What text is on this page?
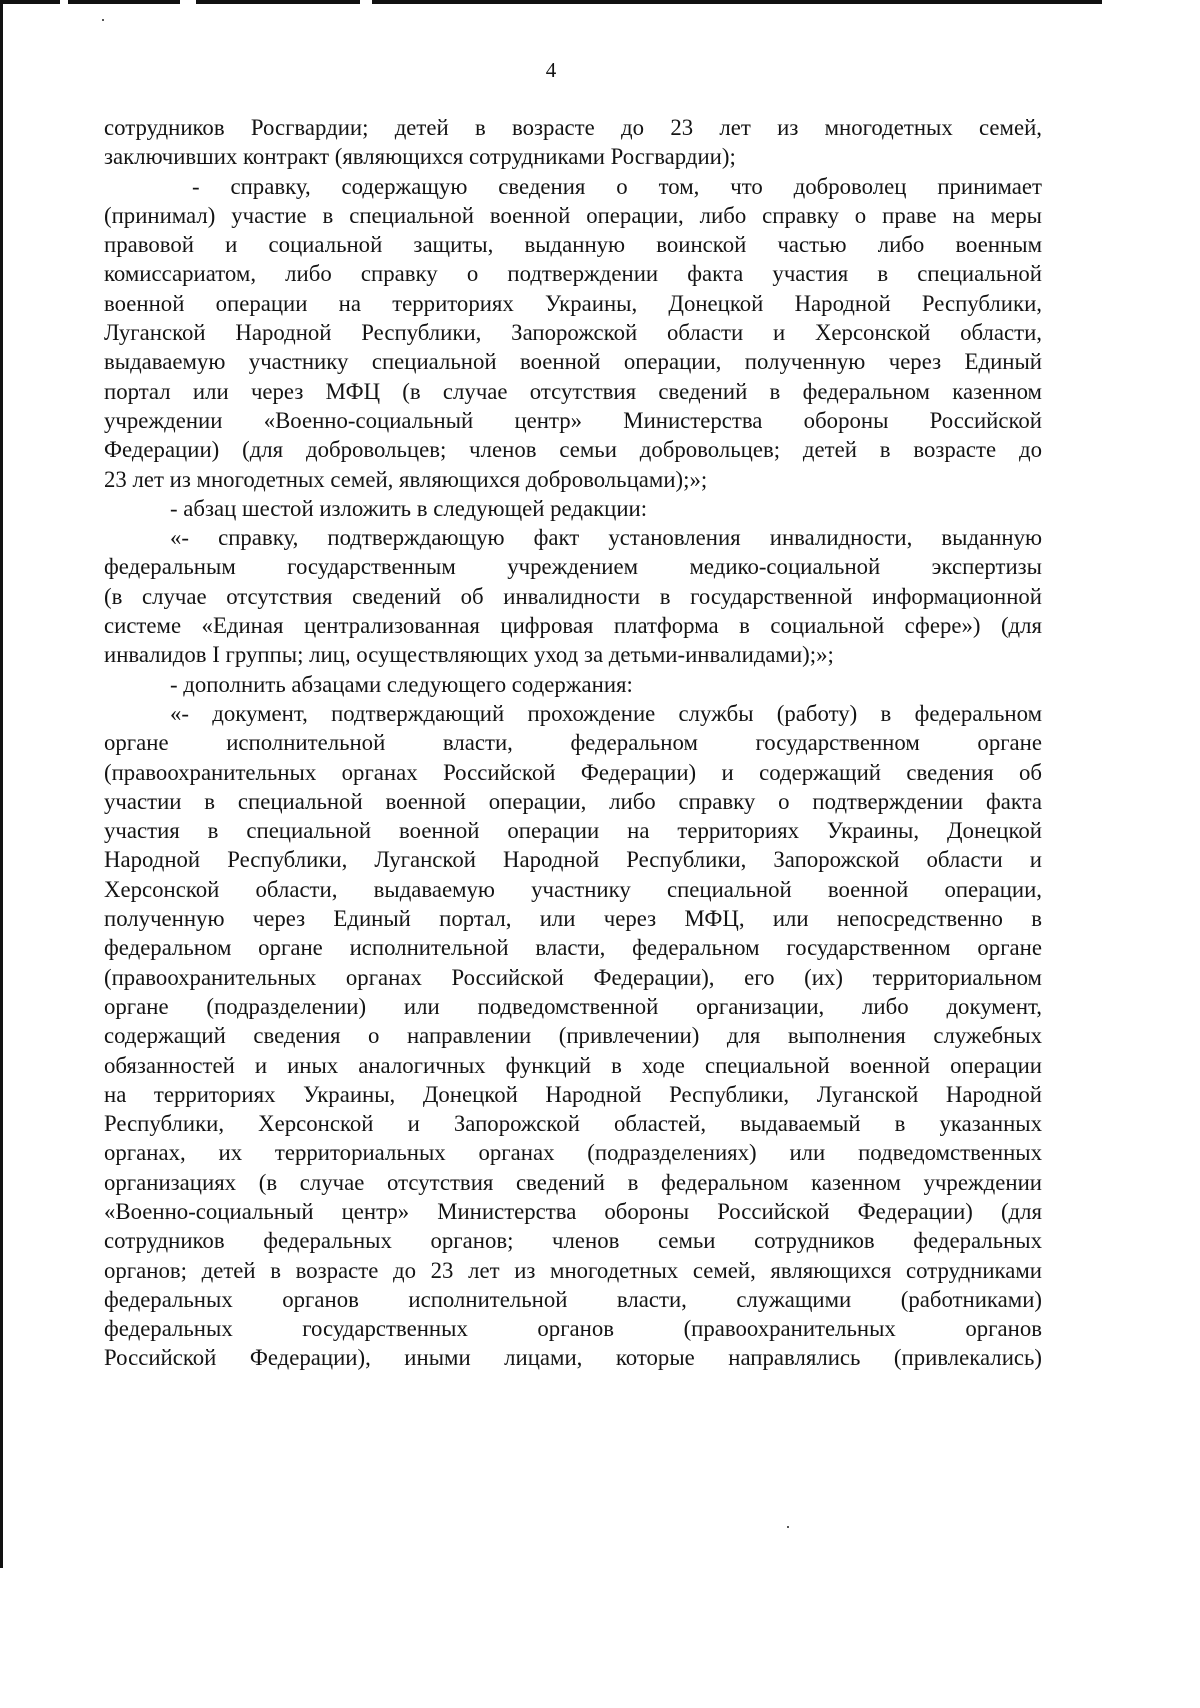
4
сотрудников Росгвардии; детей в возрасте до 23 лет из многодетных семей,
заключивших контракт (являющихся сотрудниками Росгвардии);
- справку, содержащую сведения о том, что доброволец принимает
(принимал) участие в специальной военной операции, либо справку о праве на меры
правовой и социальной защиты, выданную воинской частью либо военным
комиссариатом, либо справку о подтверждении факта участия в специальной
военной операции на территориях Украины, Донецкой Народной Республики,
Луганской Народной Республики, Запорожской области и Херсонской области,
выдаваемую участнику специальной военной операции, полученную через Единый
портал или через МФЦ (в случае отсутствия сведений в федеральном казенном
учреждении «Военно-социальный центр» Министерства обороны Российской
Федерации) (для добровольцев; членов семьи добровольцев; детей в возрасте до
23 лет из многодетных семей, являющихся добровольцами);»;
- абзац шестой изложить в следующей редакции:
«- справку, подтверждающую факт установления инвалидности, выданную
федеральным государственным учреждением медико-социальной экспертизы
(в случае отсутствия сведений об инвалидности в государственной информационной
системе «Единая централизованная цифровая платформа в социальной сфере») (для
инвалидов I группы; лиц, осуществляющих уход за детьми-инвалидами);»;
- дополнить абзацами следующего содержания:
«- документ, подтверждающий прохождение службы (работу) в федеральном
органе исполнительной власти, федеральном государственном органе
(правоохранительных органах Российской Федерации) и содержащий сведения об
участии в специальной военной операции, либо справку о подтверждении факта
участия в специальной военной операции на территориях Украины, Донецкой
Народной Республики, Луганской Народной Республики, Запорожской области и
Херсонской области, выдаваемую участнику специальной военной операции,
полученную через Единый портал, или через МФЦ, или непосредственно в
федеральном органе исполнительной власти, федеральном государственном органе
(правоохранительных органах Российской Федерации), его (их) территориальном
органе (подразделении) или подведомственной организации, либо документ,
содержащий сведения о направлении (привлечении) для выполнения служебных
обязанностей и иных аналогичных функций в ходе специальной военной операции
на территориях Украины, Донецкой Народной Республики, Луганской Народной
Республики, Херсонской и Запорожской областей, выдаваемый в указанных
органах, их территориальных органах (подразделениях) или подведомственных
организациях (в случае отсутствия сведений в федеральном казенном учреждении
«Военно-социальный центр» Министерства обороны Российской Федерации) (для
сотрудников федеральных органов; членов семьи сотрудников федеральных
органов; детей в возрасте до 23 лет из многодетных семей, являющихся сотрудниками
федеральных органов исполнительной власти, служащими (работниками)
федеральных государственных органов (правоохранительных органов
Российской Федерации), иными лицами, которые направлялись (привлекались)
